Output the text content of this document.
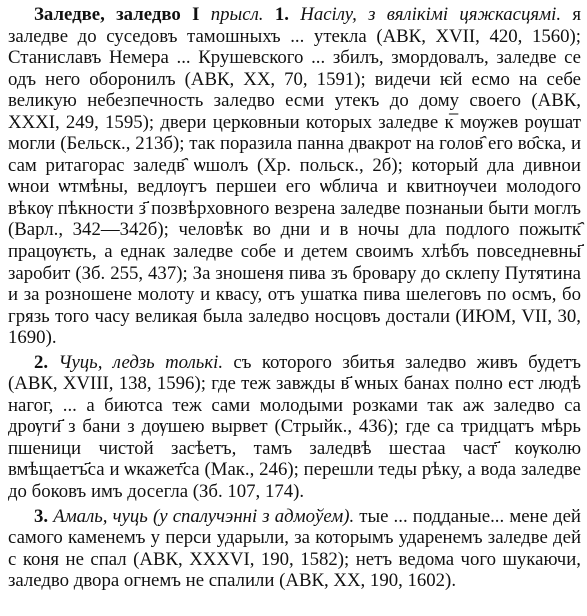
Заледве, заледво I прысл. 1. Насілу, з вялікімі цяжкасцямі. я заледве до суседовъ тамошныхъ ... утекла (АВК, XVII, 420, 1560); Станиславъ Немера ... Крушевского ... збилъ, змордовалъ, заледве се одъ него оборонилъ (АВК, XX, 70, 1591); видечи ѥй есмо на себе великую небезпечность заледво есми утекъ до дому своего (АВК, XXXI, 249, 1595); двери церковныи которых заледве к̅ мѹжев рѹшат могли (Бельск., 213б); так поразила панна двакрот на голов҄ его во҄ска, и сам ритагорас заледв҄ ѡшолъ (Хр. польск., 2б); который дла дивнои ѡнои ѡтмѣны, ведлѹгъ першеи его ѡблича и квитнѹчеи молодого вѣкѹ пѣкности з҃ позвѣрховного везрена заледве познаныи быти моглъ (Варл., 342—342б); человѣк во дни и в ночы дла подлого пожытк҄ працѹѥть, а еднак заледве собе и детем своимъ хлѣбъ повседневны҃ заробит (Зб. 255, 437); За зношеня пива зъ бровару до склепу Путятина и за розношене молоту и квасу, отъ ушатка пива шелеговъ по осмъ, бо грязь того часу великая была заледво носцовъ достали (ИЮМ, VII, 30, 1690).

2. Чуць, ледзь толькі. съ которого збитья заледво живъ будетъ (АВК, XVIII, 138, 1596); где теж завжды в҃ ѡных банах полно ест людѣ нагог, ... а биютса теж сами молодыми розками так аж заледво са дрѹги҃ з бани з дѹшею вырвет (Стрыйк., 436); где са тридцатъ мѣрь пшеници чистой засѣетъ, тамъ заледвѣ шестаа част҃ кѹколю вмѣщаетъ҃са и ѡкажет҃са (Мак., 246); перешли теды рѣку, а вода заледве до боковъ имъ досегла (Зб. 107, 174).

3. Амаль, чуць (у спалучэнні з адмоўем). тые ... подданые... мене дей самого каменемъ у перси ударыли, за которымъ удаpенемъ заледве дей с коня не спал (АВК, XXXVI, 190, 1582); нетъ ведома чого шукаючи, заледво двора огнемъ не спалили (АВК, XX, 190, 1602).
